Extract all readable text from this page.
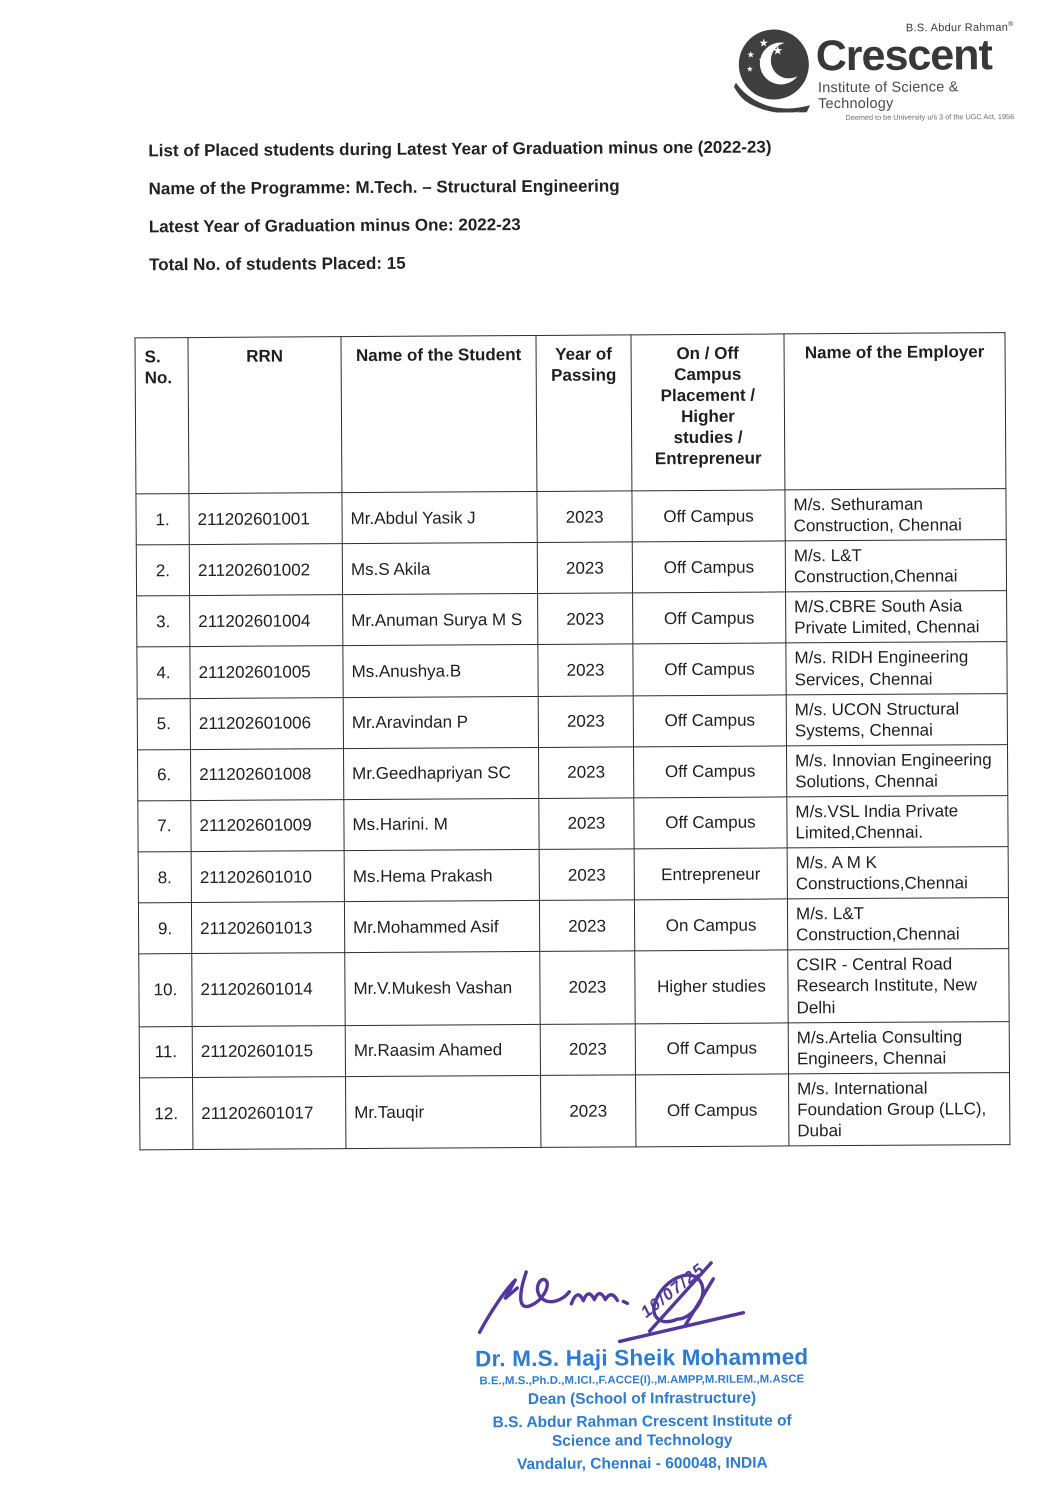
★
★
★
★
★
B.S. Abdur Rahman®
Crescent
Institute of Science & Technology
Deemed to be University u/s 3 of the UGC Act, 1956

List of Placed students during Latest Year of Graduation minus one (2022-23)

Name of the Programme: M.Tech. – Structural Engineering

Latest Year of Graduation minus One: 2022-23

Total No. of students Placed: 15

S. No.	RRN	Name of the Student	Year of Passing	On / Off Campus Placement / Higher studies / Entrepreneur	Name of the Employer
1.	211202601001	Mr.Abdul Yasik J	2023	Off Campus	M/s. Sethuraman Construction, Chennai
2.	211202601002	Ms.S Akila	2023	Off Campus	M/s. L&T Construction,Chennai
3.	211202601004	Mr.Anuman Surya M S	2023	Off Campus	M/S.CBRE South Asia Private Limited, Chennai
4.	211202601005	Ms.Anushya.B	2023	Off Campus	M/s. RIDH Engineering Services, Chennai
5.	211202601006	Mr.Aravindan P	2023	Off Campus	M/s. UCON Structural Systems, Chennai
6.	211202601008	Mr.Geedhapriyan SC	2023	Off Campus	M/s. Innovian Engineering Solutions, Chennai
7.	211202601009	Ms.Harini. M	2023	Off Campus	M/s.VSL India Private Limited,Chennai.
8.	211202601010	Ms.Hema Prakash	2023	Entrepreneur	M/s. A M K Constructions,Chennai
9.	211202601013	Mr.Mohammed Asif	2023	On Campus	M/s. L&T Construction,Chennai
10.	211202601014	Mr.V.Mukesh Vashan	2023	Higher studies	CSIR - Central Road Research Institute, New Delhi
11.	211202601015	Mr.Raasim Ahamed	2023	Off Campus	M/s.Artelia Consulting Engineers, Chennai
12.	211202601017	Mr.Tauqir	2023	Off Campus	M/s. International Foundation Group (LLC), Dubai
10/07/25

Dr. M.S. Haji Sheik Mohammed

B.E.,M.S.,Ph.D.,M.ICI.,F.ACCE(I).,M.AMPP,M.RILEM.,M.ASCE

Dean (School of Infrastructure)

B.S. Abdur Rahman Crescent Institute of

Science and Technology

Vandalur, Chennai - 600048, INDIA
